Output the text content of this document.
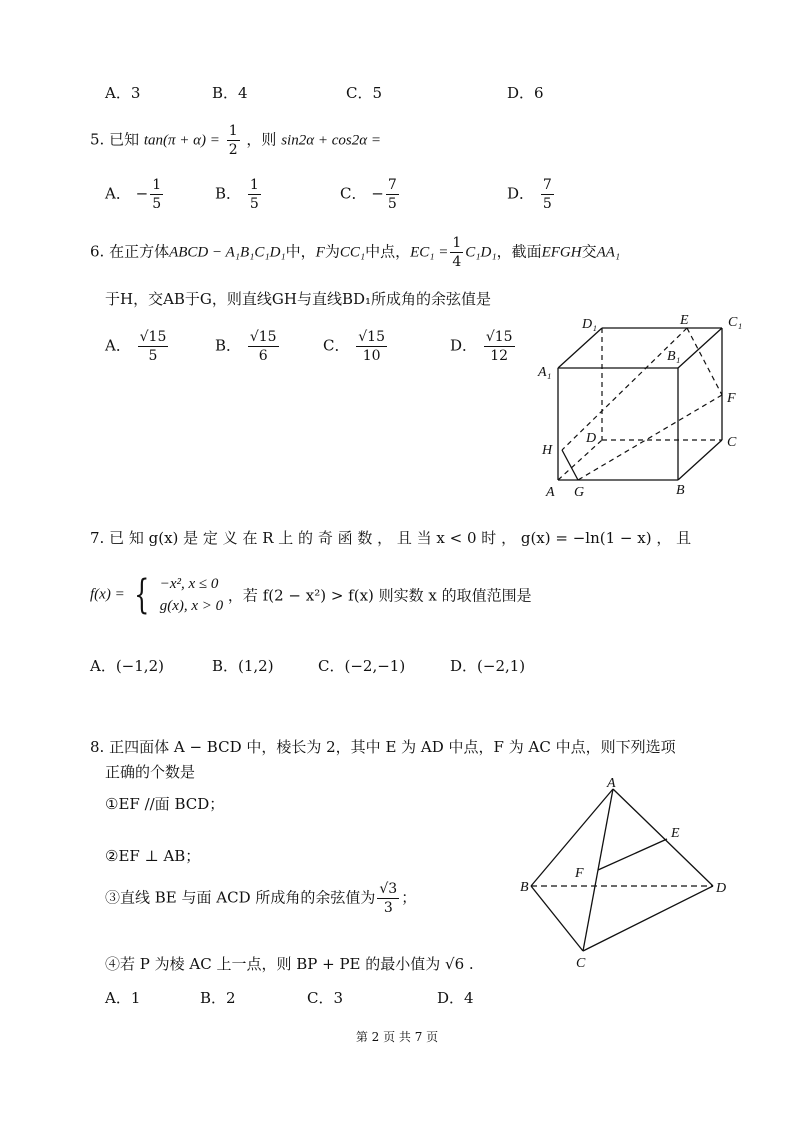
A．3	B．4	C．5	D．6
5. 已知 $\tan(\pi + \alpha) = \frac{1}{2}$ ，则 sin2α + cos2α =
A． − $\frac{1}{5}$	B． $\frac{1}{5}$	C． − $\frac{7}{5}$	D． $\frac{7}{5}$
6. 在正方体ABCD − A₁B₁C₁D₁中，F为CC₁中点，$EC_1 = \frac{1}{4} C_1D_1$，截面EFGH交AA₁
于H，交AB于G，则直线GH与直线BD₁所成角的余弦值是
A． $\frac{√15}{5}$	B． $\frac{√15}{6}$	C． $\frac{√15}{10}$	D． $\frac{√15}{12}$
D₁	E	C₁
B₁
A₁
F
D	C
H
A G	B
7. 已 知 g(x) 是 定 义 在 R 上 的 奇 函 数 ， 且 当 x < 0 时 ， g(x) = −ln(1 − x) ， 且
f(x) = { −x², x ≤ 0
g(x), x > 0
，若 f(2 − x²) > f(x) 则实数 x 的取值范围是
A．(−1,2)	B．(1,2)	C．(−2,−1)	D．(−2,1)
8. 正四面体 A − BCD 中，棱长为 2，其中 E 为 AD 中点，F 为 AC 中点，则下列选项
正确的个数是
①EF //面 BCD；
②EF ⊥ AB；
③直线 BE 与面 ACD 所成角的余弦值为 $\frac{√3}{3}$ ；
④若 P 为棱 AC 上一点，则 BP + PE 的最小值为 √6 .
A．1	B．2	C．3	D．4
A
E
F
B	D
C
第 2 页 共 7 页
